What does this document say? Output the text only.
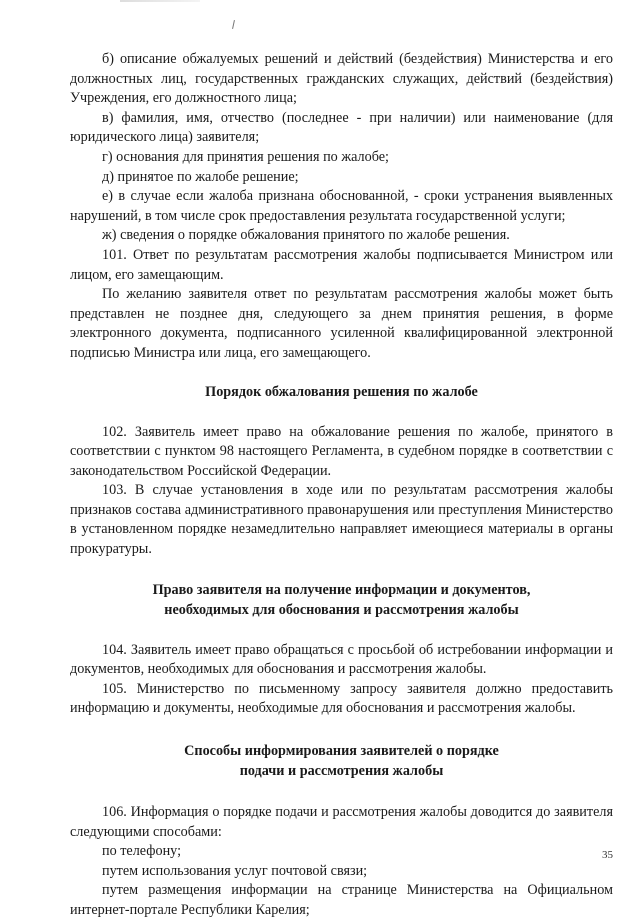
б) описание обжалуемых решений и действий (бездействия) Министерства и его должностных лиц, государственных гражданских служащих, действий (бездействия) Учреждения, его должностного лица;

в) фамилия, имя, отчество (последнее - при наличии) или наименование (для юридического лица) заявителя;

г) основания для принятия решения по жалобе;

д) принятое по жалобе решение;

е) в случае если жалоба признана обоснованной, - сроки устранения выявленных нарушений, в том числе срок предоставления результата государственной услуги;

ж) сведения о порядке обжалования принятого по жалобе решения.

101. Ответ по результатам рассмотрения жалобы подписывается Министром или лицом, его замещающим.

По желанию заявителя ответ по результатам рассмотрения жалобы может быть представлен не позднее дня, следующего за днем принятия решения, в форме электронного документа, подписанного усиленной квалифицированной электронной подписью Министра или лица, его замещающего.

Порядок обжалования решения по жалобе

102. Заявитель имеет право на обжалование решения по жалобе, принятого в соответствии с пунктом 98 настоящего Регламента, в судебном порядке в соответствии с законодательством Российской Федерации.

103. В случае установления в ходе или по результатам рассмотрения жалобы признаков состава административного правонарушения или преступления Министерство в установленном порядке незамедлительно направляет имеющиеся материалы в органы прокуратуры.

Право заявителя на получение информации и документов,
необходимых для обоснования и рассмотрения жалобы

104. Заявитель имеет право обращаться с просьбой об истребовании информации и документов, необходимых для обоснования и рассмотрения жалобы.

105. Министерство по письменному запросу заявителя должно предоставить информацию и документы, необходимые для обоснования и рассмотрения жалобы.

Способы информирования заявителей о порядке
подачи и рассмотрения жалобы

106. Информация о порядке подачи и рассмотрения жалобы доводится до заявителя следующими способами:

по телефону;

путем использования услуг почтовой связи;

путем размещения информации на странице Министерства на Официальном интернет-портале Республики Карелия;

35
